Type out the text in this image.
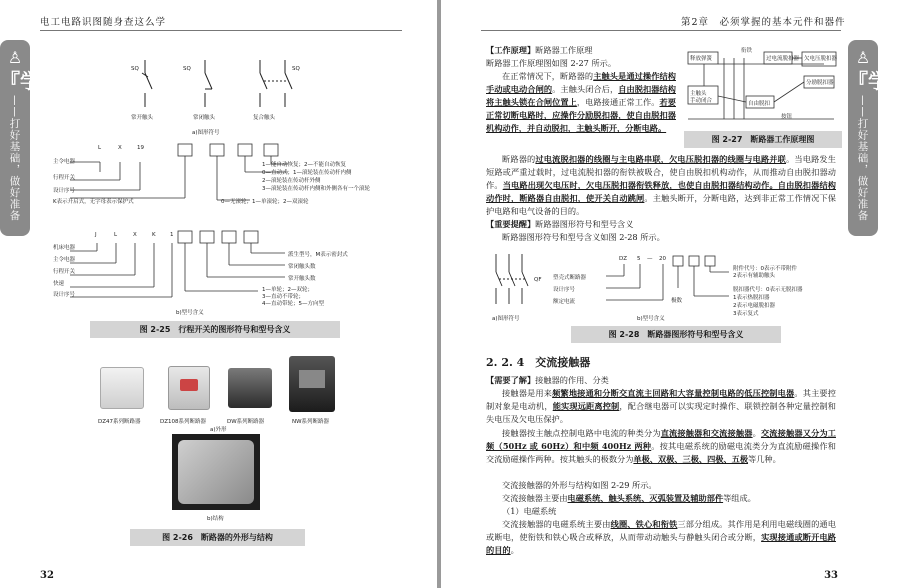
电工电路识图随身查这么学
♙
『学』
——打好基础，做好准备
SQ	SQ	SQ
常开触头	常闭触头	复合触头
a)图形符号
L	X	19
主令电器
行程开关
设计序号
K表示开启式，无字母表示保护式
1—能自动恢复；2—不能自动恢复
0—直动式；1—滚轮装在传动杆内侧
2—滚轮装在传动杆外侧
3—滚轮装在传动杆内侧和外侧各有一个滚轮
0—无滚轮；1—单滚轮；2—双滚轮
J	L	X	K	1
机床电器
主令电器
行程开关
快速
设计序号
派生型号，M表示密封式
常闭触头数
常开触头数
1—单轮；2—双轮；
3—直动不带轮；
4—直动带轮；5—方向型
b)型号含义
图 2-25　行程开关的图形符号和型号含义
DZ47系列断路器	DZ108系列断路器	DW系列断路器	NW系列断路器
a)外形
b)结构
图 2-26　断路器的外形与结构
32
第2章　必须掌握的基本元件和器件
♙
『学』
——打好基础，做好准备
【工作原理】断路器工作原理
断路器工作原理图如图 2-27 所示。
在正常情况下，断路器的主触头是通过操作结构手动或电动合闸的。主触头闭合后，自由脱扣器结构将主触头锁在合闸位置上，电路接通正常工作。若要正常切断电路时，应操作分励脱扣器，使自由脱扣器机构动作，并自动脱扣，主触头断开，分断电路。
释放弹簧
手动闭合
主触头
自由脱扣
过电流脱扣器 欠电压脱扣器
分励脱扣器
按钮
衔铁
图 2-27　断路器工作原理图
断路器的过电流脱扣器的线圈与主电路串联，欠电压脱扣器的线圈与电路并联。当电路发生短路或严重过载时，过电流脱扣器的衔铁被吸合，使自由脱扣机构动作，从而推动自由脱扣器动作。当电路出现欠电压时，欠电压脱扣器衔铁释放，也使自由脱扣器结构动作。自由脱扣器结构动作时，断路器自由脱扣，使开关自动跳闸。主触头断开，分断电路，达到非正常工作情况下保护电路和电气设备的目的。
【重要提醒】断路器图形符号和型号含义
断路器图形符号和型号含义如图 2-28 所示。
QF
a)图形符号
DZ 5 — 20
塑壳式断路器
设计序号
额定电流
附件代号：0表示不带附件
2表示有辅助触头
极数
脱扣器代号：0表示无脱扣器
1表示热脱扣器
2表示电磁脱扣器
3表示复式
b)型号含义
图 2-28　断路器图形符号和型号含义
2. 2. 4　 交流接触器
【需要了解】接触器的作用、分类
接触器是用来频繁地接通和分断交直流主回路和大容量控制电路的低压控制电器。其主要控制对象是电动机，能实现远距离控制，配合继电器可以实现定时操作、联锁控制各种定量控制和失电压及欠电压保护。
接触器按主触点控制电路中电流的种类分为直流接触器和交流接触器。交流接触器又分为工频（50Hz 或 60Hz）和中频 400Hz 两种。按其电磁系统的励磁电流类分为直流励磁操作和交流励磁操作两种。按其触头的极数分为单极、双极、三极、四极、五极等几种。
交流接触器的外形与结构如图 2-29 所示。
交流接触器主要由电磁系统、触头系统、灭弧装置及辅助部件等组成。
（1）电磁系统
交流接触器的电磁系统主要由线圈、铁心和衔铁三部分组成。其作用是利用电磁线圈的通电或断电，使衔铁和铁心吸合或释放，从而带动动触头与静触头闭合或分断，实现接通或断开电路的目的。
33
